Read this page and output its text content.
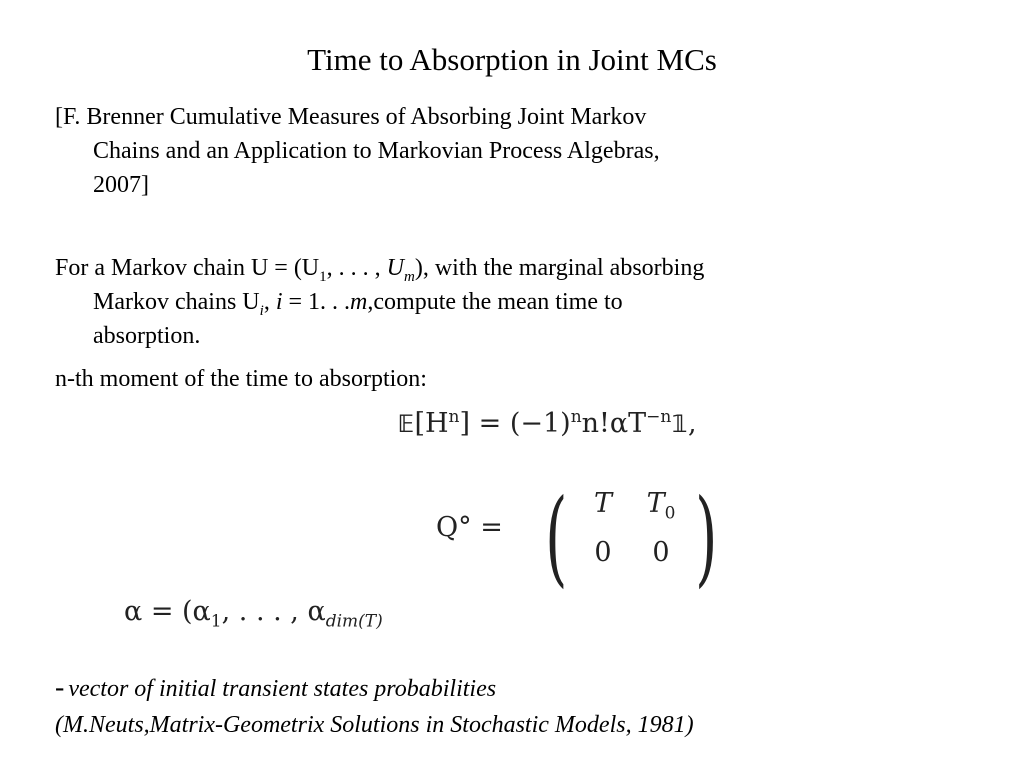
Time to Absorption in Joint MCs
[F. Brenner Cumulative Measures of Absorbing Joint Markov
Chains and an Application to Markovian Process Algebras,
2007]
For a Markov chain $U = (U_1$, . . . , $U_m$), with the marginal absorbing
Markov chains $U_i$, i = 1. . .m,compute the mean time to
absorption.
n-th moment of the time to absorption:
$𝔼[H^n]$ = $(-1)^nn!\alpha T^{-n}𝟙$,
Q° = ( T	$T_0$
0	0 )
$\alpha = (\alpha_1$, . . . , $\alpha_{dim(T)}$
- vector of initial transient states probabilities
(M.Neuts,Matrix-Geometrix Solutions in Stochastic Models, 1981)
